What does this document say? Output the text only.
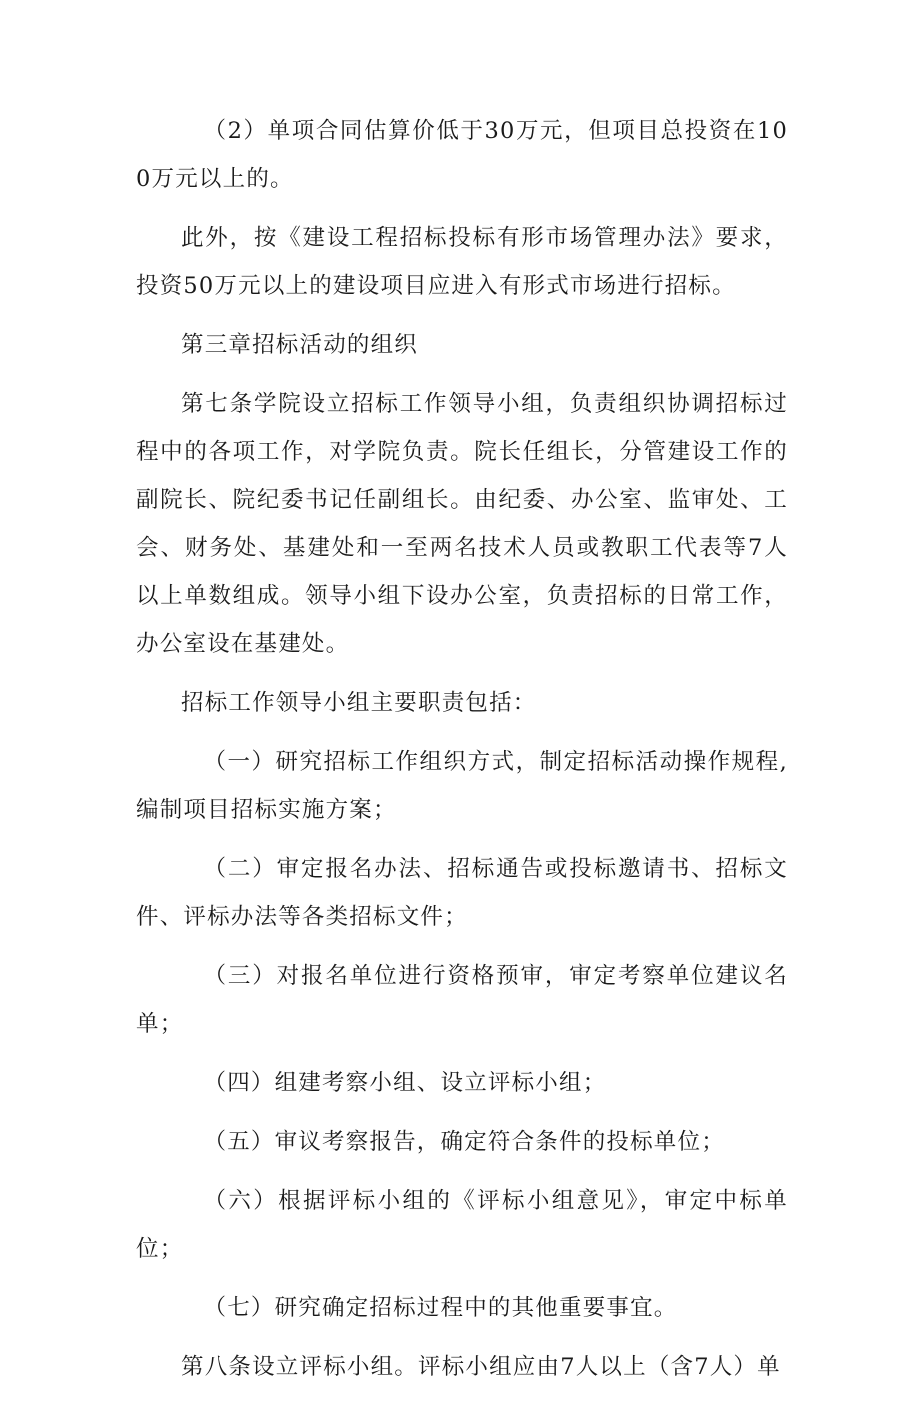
（2）单项合同估算价低于30万元，但项目总投资在100万元以上的。

此外，按《建设工程招标投标有形市场管理办法》要求，投资50万元以上的建设项目应进入有形式市场进行招标。

第三章招标活动的组织

第七条学院设立招标工作领导小组，负责组织协调招标过程中的各项工作，对学院负责。院长任组长，分管建设工作的副院长、院纪委书记任副组长。由纪委、办公室、监审处、工会、财务处、基建处和一至两名技术人员或教职工代表等7人以上单数组成。领导小组下设办公室，负责招标的日常工作，办公室设在基建处。

招标工作领导小组主要职责包括：

（一）研究招标工作组织方式，制定招标活动操作规程,编制项目招标实施方案；

（二）审定报名办法、招标通告或投标邀请书、招标文件、评标办法等各类招标文件；

（三）对报名单位进行资格预审，审定考察单位建议名单；

（四）组建考察小组、设立评标小组；

（五）审议考察报告，确定符合条件的投标单位；

（六）根据评标小组的《评标小组意见》，审定中标单位；

（七）研究确定招标过程中的其他重要事宜。

第八条设立评标小组。评标小组应由7人以上（含7人）单
